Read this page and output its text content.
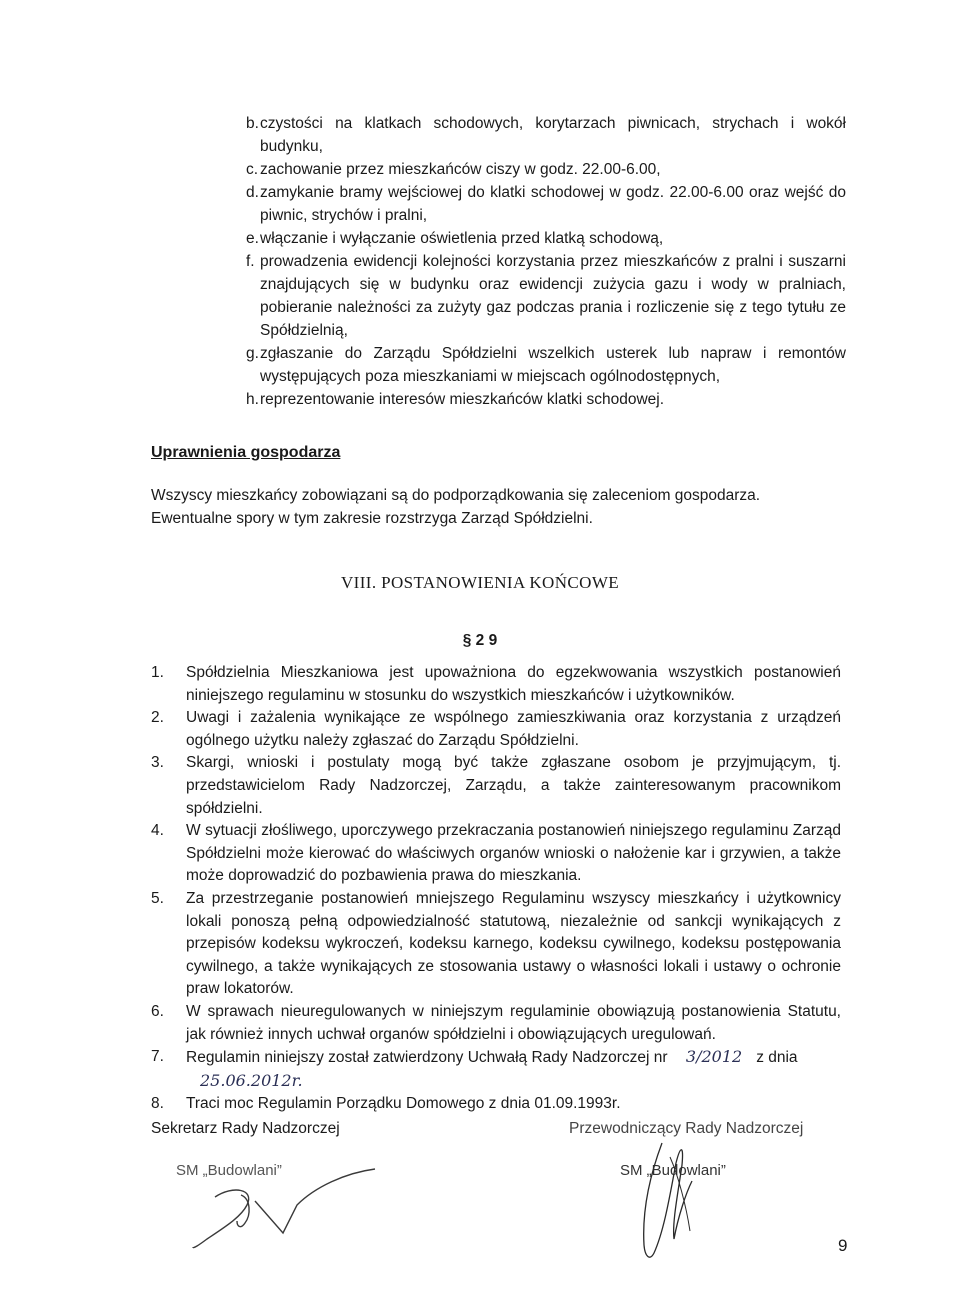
b. czystości na klatkach schodowych, korytarzach piwnicach, strychach i wokół budynku,
c. zachowanie przez mieszkańców ciszy w godz. 22.00-6.00,
d. zamykanie bramy wejściowej do klatki schodowej w godz. 22.00-6.00 oraz wejść do piwnic, strychów i pralni,
e. włączanie i wyłączanie oświetlenia przed klatką schodową,
f. prowadzenia ewidencji kolejności korzystania przez mieszkańców z pralni i suszarni znajdujących się w budynku oraz ewidencji zużycia gazu i wody w pralniach, pobieranie należności za zużyty gaz podczas prania i rozliczenie się z tego tytułu ze Spółdzielnią,
g. zgłaszanie do Zarządu Spółdzielni wszelkich usterek lub napraw i remontów występujących poza mieszkaniami w miejscach ogólnodostępnych,
h. reprezentowanie interesów mieszkańców klatki schodowej.
Uprawnienia gospodarza
Wszyscy mieszkańcy zobowiązani są do podporządkowania się zaleceniom gospodarza. Ewentualne spory w tym zakresie rozstrzyga Zarząd Spółdzielni.
VIII. POSTANOWIENIA KOŃCOWE
§ 2 9
1. Spółdzielnia Mieszkaniowa jest upoważniona do egzekwowania wszystkich postanowień niniejszego regulaminu w stosunku do wszystkich mieszkańców i użytkowników.
2. Uwagi i zażalenia wynikające ze wspólnego zamieszkiwania oraz korzystania z urządzeń ogólnego użytku należy zgłaszać do Zarządu Spółdzielni.
3. Skargi, wnioski i postulaty mogą być także zgłaszane osobom je przyjmującym, tj. przedstawicielom Rady Nadzorczej, Zarządu, a także zainteresowanym pracownikom spółdzielni.
4. W sytuacji złośliwego, uporczywego przekraczania postanowień niniejszego regulaminu Zarząd Spółdzielni może kierować do właściwych organów wnioski o nałożenie kar i grzywien, a także może doprowadzić do pozbawienia prawa do mieszkania.
5. Za przestrzeganie postanowień mniejszego Regulaminu wszyscy mieszkańcy i użytkownicy lokali ponoszą pełną odpowiedzialność statutową, niezależnie od sankcji wynikających z przepisów kodeksu wykroczeń, kodeksu karnego, kodeksu cywilnego, kodeksu postępowania cywilnego, a także wynikających ze stosowania ustawy o własności lokali i ustawy o ochronie praw lokatorów.
6. W sprawach nieuregulowanych w niniejszym regulaminie obowiązują postanowienia Statutu, jak również innych uchwał organów spółdzielni i obowiązujących uregulowań.
7. Regulamin niniejszy został zatwierdzony Uchwałą Rady Nadzorczej nr 3/2012 z dnia 25.06.2012r.
8. Traci moc Regulamin Porządku Domowego z dnia 01.09.1993r.
Sekretarz Rady Nadzorczej	Przewodniczący Rady Nadzorczej
SM „Budowlani”	SM „Budowlani”
9
